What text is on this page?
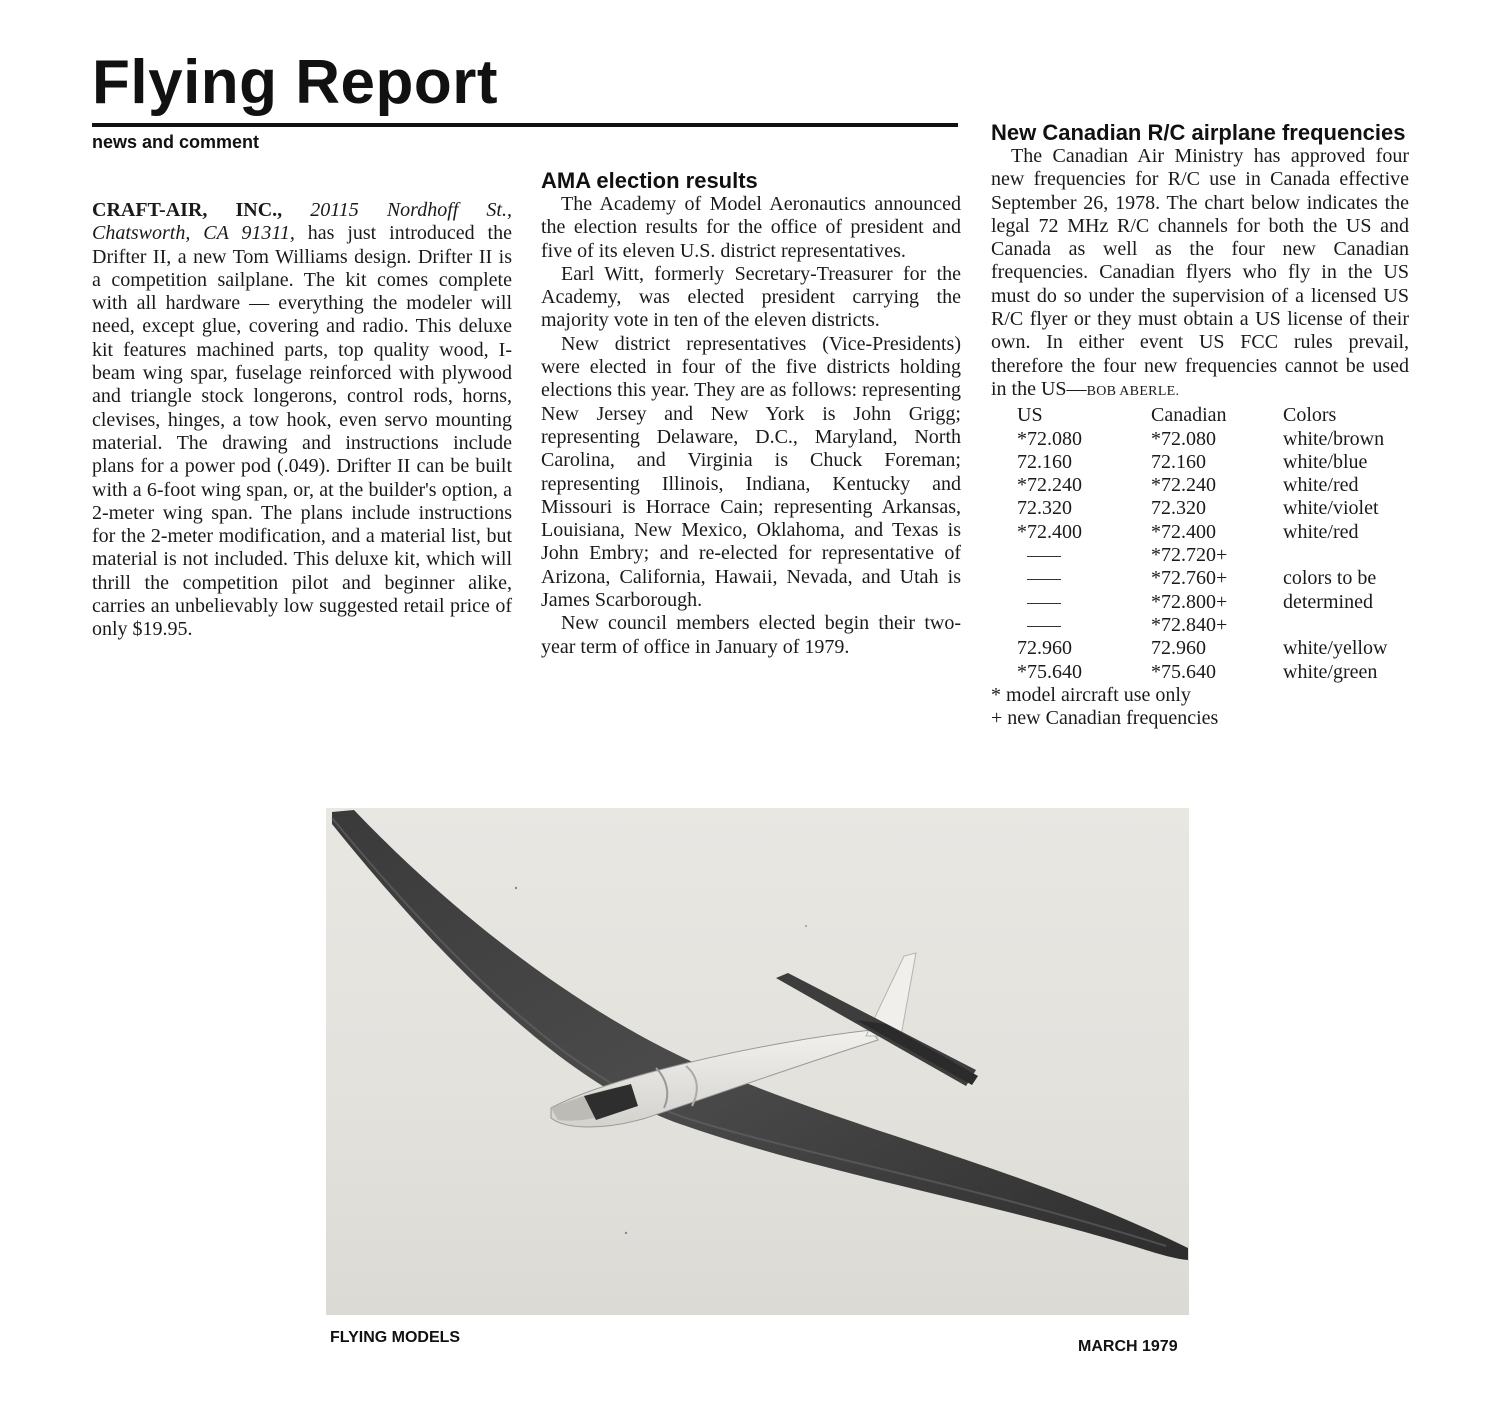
Flying Report
news and comment

CRAFT-AIR, INC., 20115 Nordhoff St., Chatsworth, CA 91311, has just introduced the Drifter II, a new Tom Williams design. Drifter II is a competition sailplane. The kit comes complete with all hardware — everything the modeler will need, except glue, covering and radio. This deluxe kit features machined parts, top quality wood, I-beam wing spar, fuselage reinforced with plywood and triangle stock longerons, control rods, horns, clevises, hinges, a tow hook, even servo mounting material. The drawing and instructions include plans for a power pod (.049). Drifter II can be built with a 6-foot wing span, or, at the builder's option, a 2-meter wing span. The plans include instructions for the 2-meter modification, and a material list, but material is not included. This deluxe kit, which will thrill the competition pilot and beginner alike, carries an unbelievably low suggested retail price of only $19.95.

AMA election results

The Academy of Model Aeronautics announced the election results for the office of president and five of its eleven U.S. district representatives.

Earl Witt, formerly Secretary-Treasurer for the Academy, was elected president carrying the majority vote in ten of the eleven districts.

New district representatives (Vice-Presidents) were elected in four of the five districts holding elections this year. They are as follows: representing New Jersey and New York is John Grigg; representing Delaware, D.C., Maryland, North Carolina, and Virginia is Chuck Foreman; representing Illinois, Indiana, Kentucky and Missouri is Horrace Cain; representing Arkansas, Louisiana, New Mexico, Oklahoma, and Texas is John Embry; and re-elected for representative of Arizona, California, Hawaii, Nevada, and Utah is James Scarborough.

New council members elected begin their two-year term of office in January of 1979.

New Canadian R/C airplane frequencies

The Canadian Air Ministry has approved four new frequencies for R/C use in Canada effective September 26, 1978. The chart below indicates the legal 72 MHz R/C channels for both the US and Canada as well as the four new Canadian frequencies. Canadian flyers who fly in the US must do so under the supervision of a licensed US R/C flyer or they must obtain a US license of their own. In either event US FCC rules prevail, therefore the four new frequencies cannot be used in the US—BOB ABERLE.

US	Canadian	Colors
*72.080	*72.080	white/brown
72.160	72.160	white/blue
*72.240	*72.240	white/red
72.320	72.320	white/violet
*72.400	*72.400	white/red
	*72.720+	
	*72.760+	colors to be
	*72.800+	determined
	*72.840+	
72.960	72.960	white/yellow
*75.640	*75.640	white/green
* model aircraft use only
+ new Canadian frequencies
FLYING MODELS
MARCH 1979
